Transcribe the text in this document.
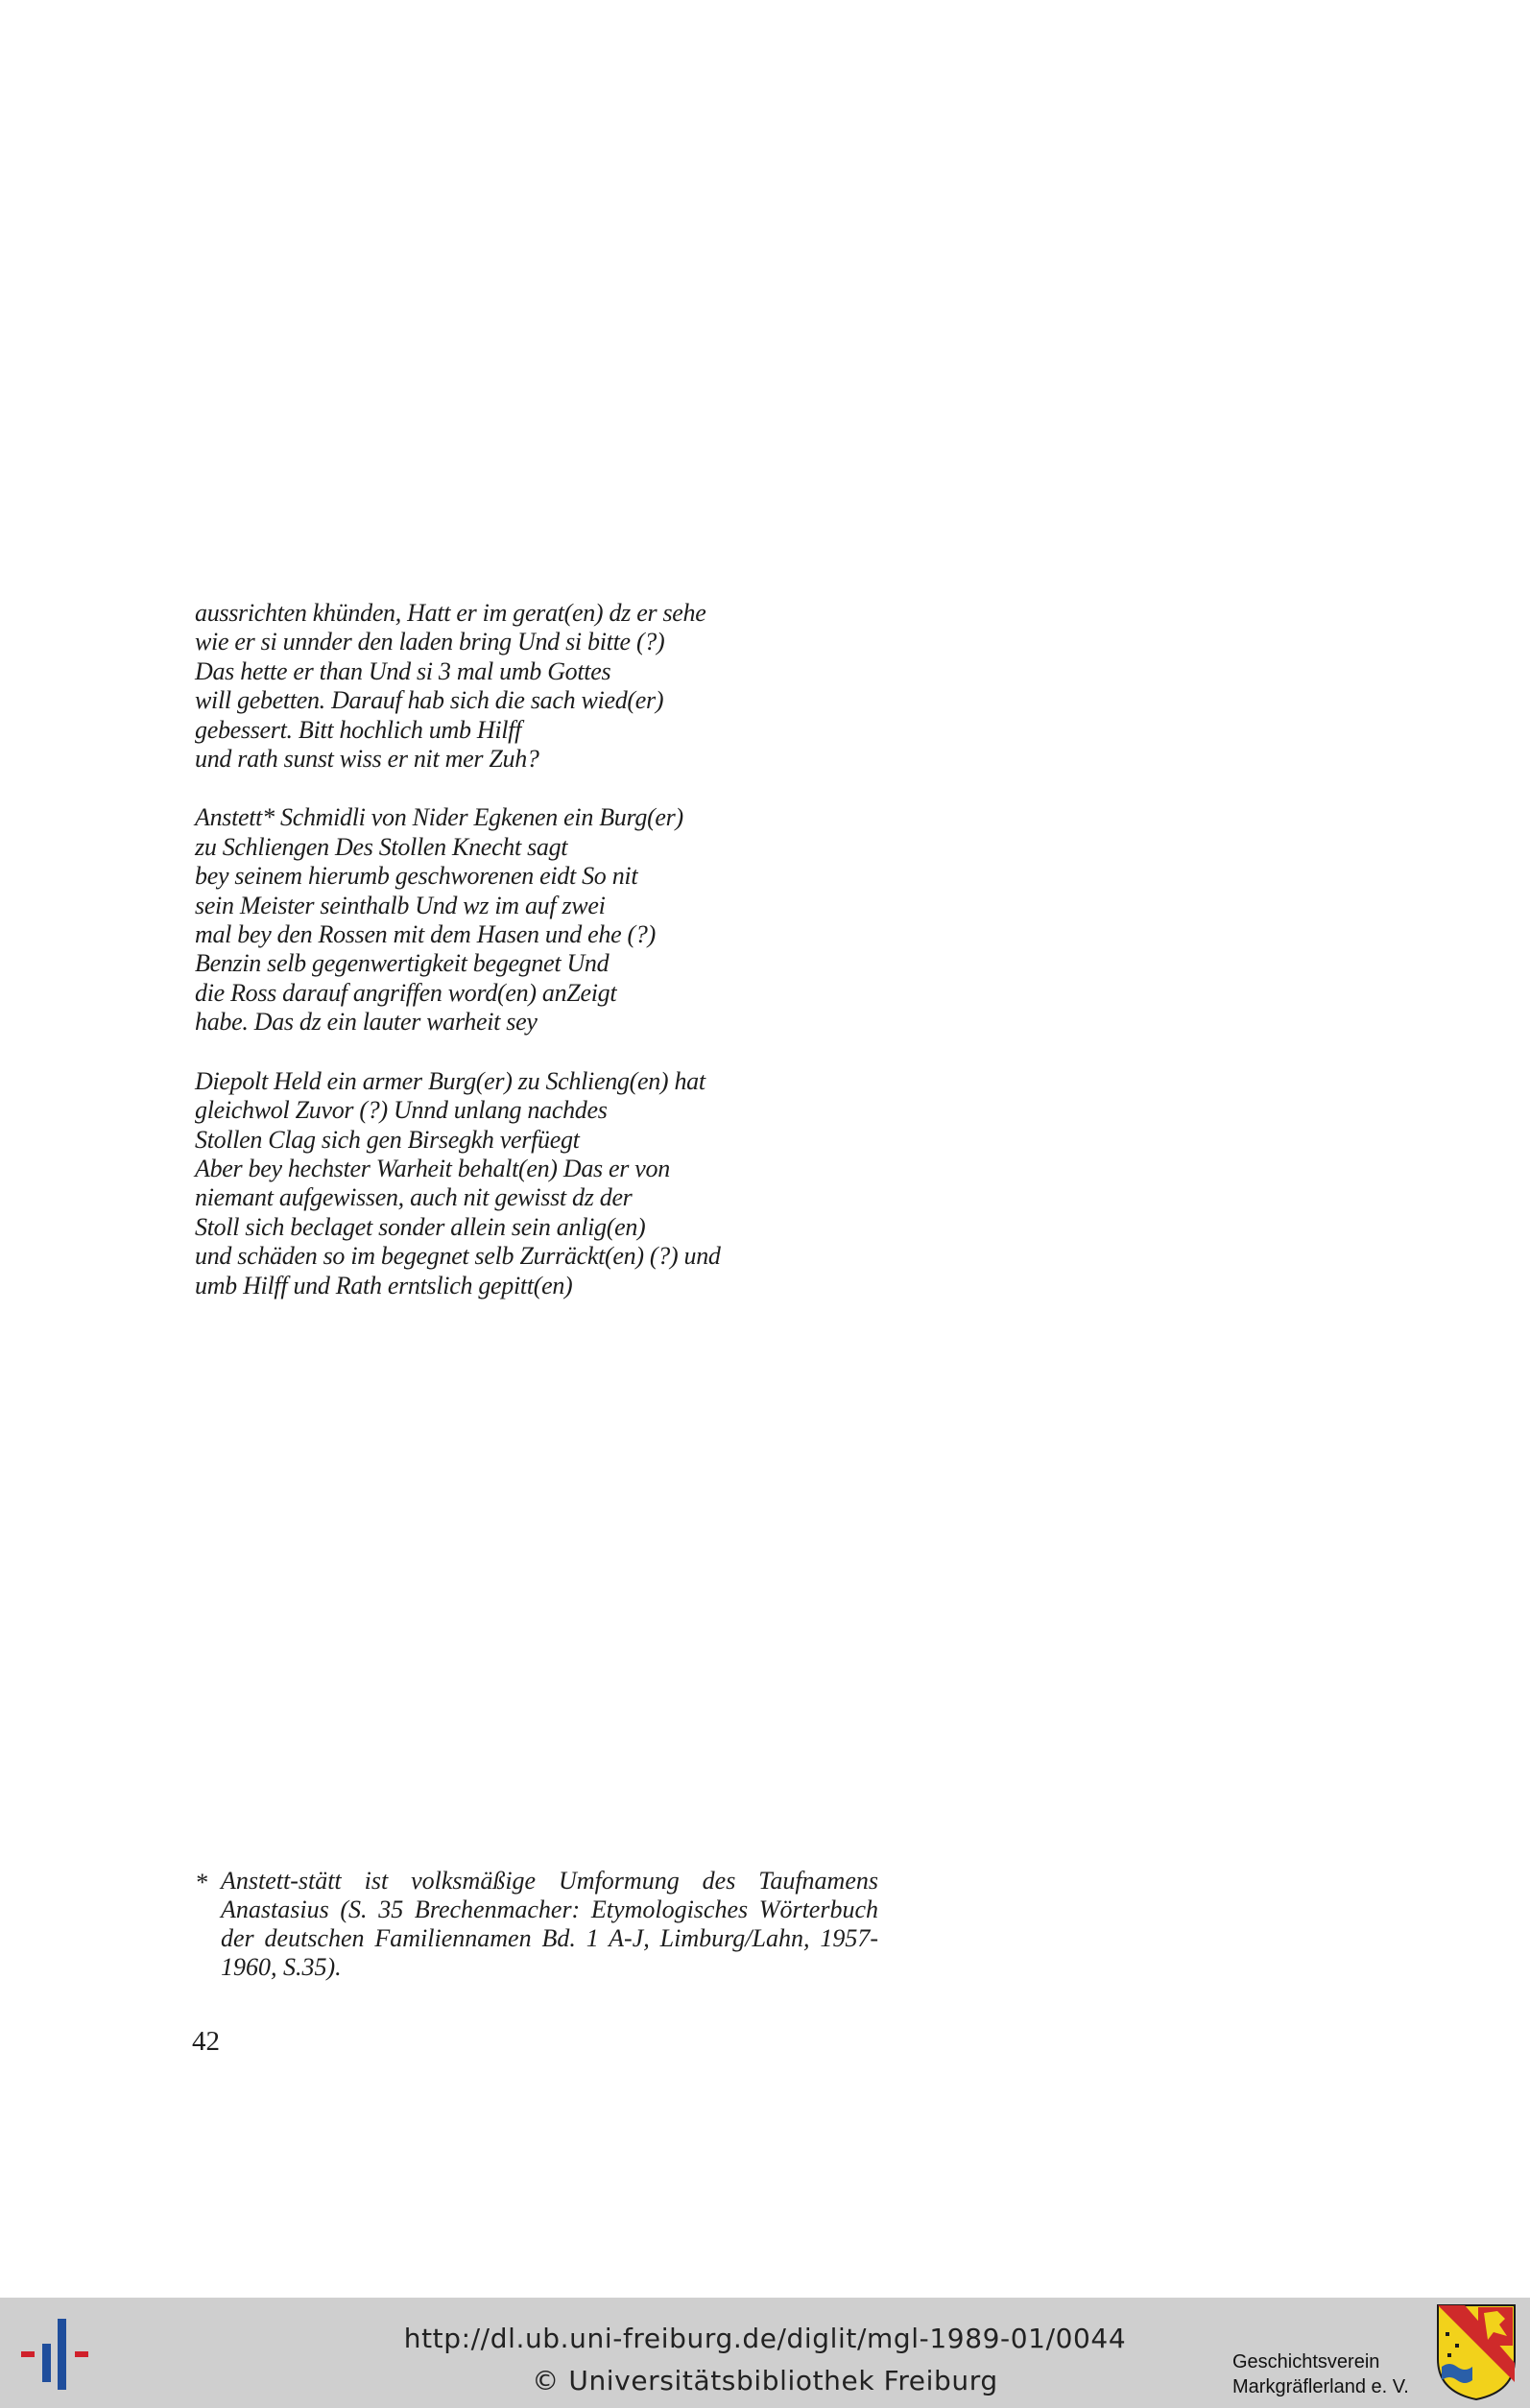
aussrichten khünden, Hatt er im gerat(en) dz er sehe
wie er si unnder den laden bring Und si bitte (?)
Das hette er than Und si 3 mal umb Gottes
will gebetten. Darauf hab sich die sach wied(er)
gebessert. Bitt hochlich umb Hilff
und rath sunst wiss er nit mer Zuh?

Anstett* Schmidli von Nider Egkenen ein Burg(er)
zu Schliengen Des Stollen Knecht sagt
bey seinem hierumb geschworenen eidt So nit
sein Meister seinthalb Und wz im auf zwei
mal bey den Rossen mit dem Hasen und ehe (?)
Benzin selb gegenwertigkeit begegnet Und
die Ross darauf angriffen word(en) anZeigt
habe. Das dz ein lauter warheit sey

Diepolt Held ein armer Burg(er) zu Schlieng(en) hat
gleichwol Zuvor (?) Unnd unlang nachdes
Stollen Clag sich gen Birsegkh verfüegt
Aber bey hechster Warheit behalt(en) Das er von
niemant aufgewissen, auch nit gewisst dz der
Stoll sich beclaget sonder allein sein anlig(en)
und schäden so im begegnet selb Zurräckt(en) (?) und
umb Hilff und Rath erntslich gepitt(en)

* Anstett-stätt ist volksmäßige Umformung des Taufnamens Anastasius (S. 35 Brechenmacher: Etymologisches Wörterbuch der deutschen Familiennamen Bd. 1 A-J, Limburg/Lahn, 1957-1960, S.35).
42
http://dl.ub.uni-freiburg.de/diglit/mgl-1989-01/0044
© Universitätsbibliothek Freiburg
Geschichtsverein
Markgräflerland e. V.
